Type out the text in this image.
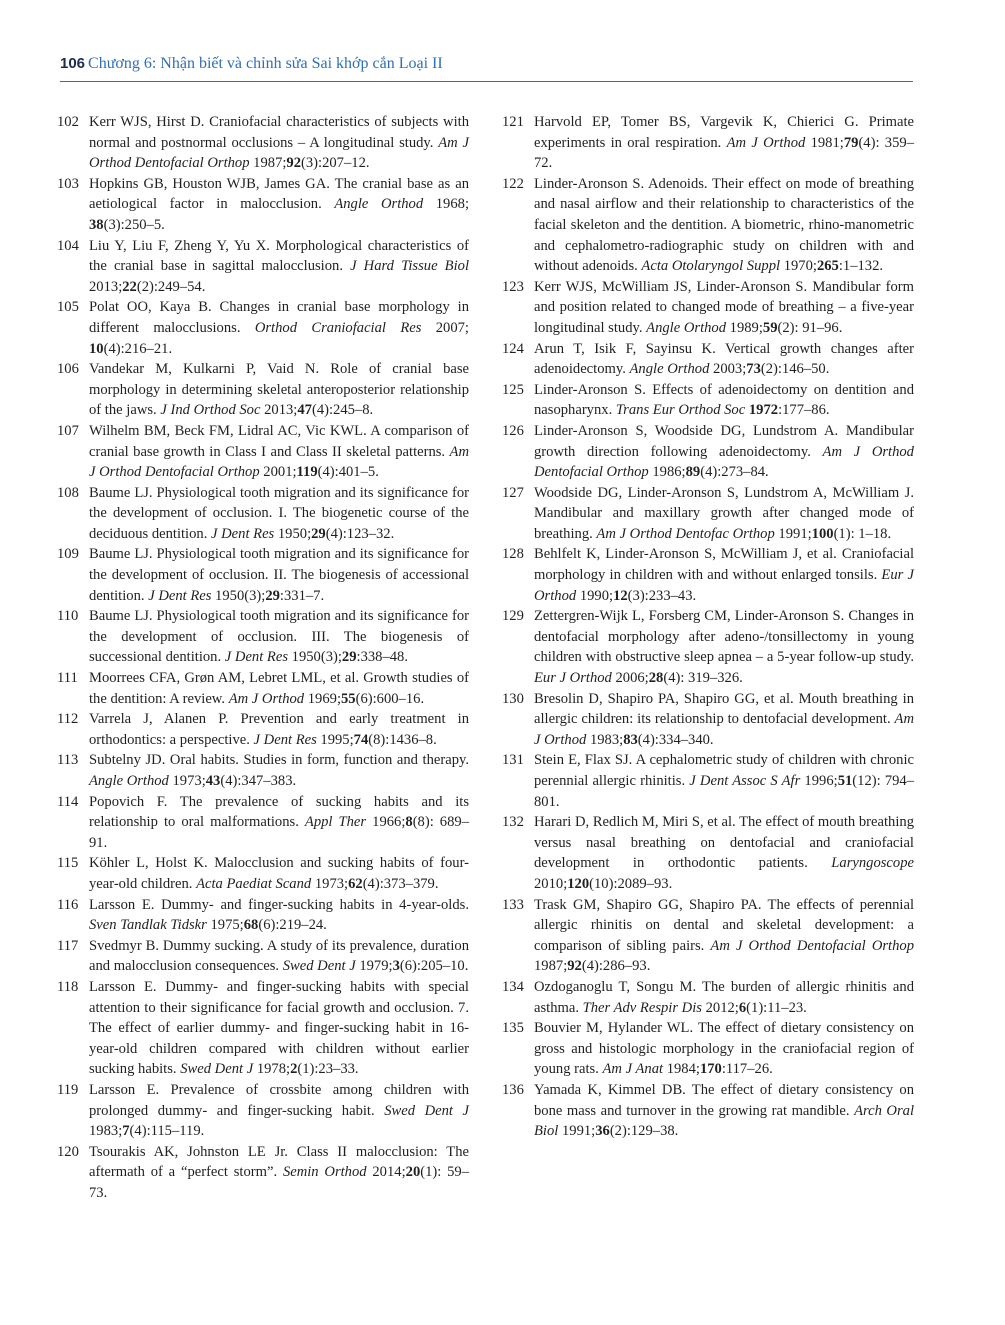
106 Chương 6: Nhận biết và chỉnh sửa Sai khớp cắn Loại II

102 Kerr WJS, Hirst D. Craniofacial characteristics of subjects with normal and postnormal occlusions – A longitudinal study. Am J Orthod Dentofacial Orthop 1987;92(3):207–12.

103 Hopkins GB, Houston WJB, James GA. The cranial base as an aetiological factor in malocclusion. Angle Orthod 1968; 38(3):250–5.

104 Liu Y, Liu F, Zheng Y, Yu X. Morphological characteristics of the cranial base in sagittal malocclusion. J Hard Tissue Biol 2013;22(2):249–54.

105 Polat OO, Kaya B. Changes in cranial base morphology in different malocclusions. Orthod Craniofacial Res 2007; 10(4):216–21.

106 Vandekar M, Kulkarni P, Vaid N. Role of cranial base morphology in determining skeletal anteroposterior relationship of the jaws. J Ind Orthod Soc 2013;47(4):245–8.

107 Wilhelm BM, Beck FM, Lidral AC, Vic KWL. A comparison of cranial base growth in Class I and Class II skeletal patterns. Am J Orthod Dentofacial Orthop 2001;119(4):401–5.

108 Baume LJ. Physiological tooth migration and its significance for the development of occlusion. I. The biogenetic course of the deciduous dentition. J Dent Res 1950;29(4):123–32.

109 Baume LJ. Physiological tooth migration and its significance for the development of occlusion. II. The biogenesis of accessional dentition. J Dent Res 1950(3);29:331–7.

110 Baume LJ. Physiological tooth migration and its significance for the development of occlusion. III. The biogenesis of successional dentition. J Dent Res 1950(3);29:338–48.

111 Moorrees CFA, Grøn AM, Lebret LML, et al. Growth studies of the dentition: A review. Am J Orthod 1969;55(6):600–16.

112 Varrela J, Alanen P. Prevention and early treatment in orthodontics: a perspective. J Dent Res 1995;74(8):1436–8.

113 Subtelny JD. Oral habits. Studies in form, function and therapy. Angle Orthod 1973;43(4):347–383.

114 Popovich F. The prevalence of sucking habits and its relationship to oral malformations. Appl Ther 1966;8(8): 689–91.

115 Köhler L, Holst K. Malocclusion and sucking habits of four-year-old children. Acta Paediat Scand 1973;62(4):373–379.

116 Larsson E. Dummy- and finger-sucking habits in 4-year-olds. Sven Tandlak Tidskr 1975;68(6):219–24.

117 Svedmyr B. Dummy sucking. A study of its prevalence, duration and malocclusion consequences. Swed Dent J 1979;3(6):205–10.

118 Larsson E. Dummy- and finger-sucking habits with special attention to their significance for facial growth and occlusion. 7. The effect of earlier dummy- and finger-sucking habit in 16-year-old children compared with children without earlier sucking habits. Swed Dent J 1978;2(1):23–33.

119 Larsson E. Prevalence of crossbite among children with prolonged dummy- and finger-sucking habit. Swed Dent J 1983;7(4):115–119.

120 Tsourakis AK, Johnston LE Jr. Class II malocclusion: The aftermath of a “perfect storm”. Semin Orthod 2014;20(1): 59–73.

121 Harvold EP, Tomer BS, Vargevik K, Chierici G. Primate experiments in oral respiration. Am J Orthod 1981;79(4): 359–72.

122 Linder-Aronson S. Adenoids. Their effect on mode of breathing and nasal airflow and their relationship to characteristics of the facial skeleton and the dentition. A biometric, rhino-manometric and cephalometro-radiographic study on children with and without adenoids. Acta Otolaryngol Suppl 1970;265:1–132.

123 Kerr WJS, McWilliam JS, Linder-Aronson S. Mandibular form and position related to changed mode of breathing – a five-year longitudinal study. Angle Orthod 1989;59(2): 91–96.

124 Arun T, Isik F, Sayinsu K. Vertical growth changes after adenoidectomy. Angle Orthod 2003;73(2):146–50.

125 Linder-Aronson S. Effects of adenoidectomy on dentition and nasopharynx. Trans Eur Orthod Soc 1972:177–86.

126 Linder-Aronson S, Woodside DG, Lundstrom A. Mandibular growth direction following adenoidectomy. Am J Orthod Dentofacial Orthop 1986;89(4):273–84.

127 Woodside DG, Linder-Aronson S, Lundstrom A, McWilliam J. Mandibular and maxillary growth after changed mode of breathing. Am J Orthod Dentofac Orthop 1991;100(1): 1–18.

128 Behlfelt K, Linder-Aronson S, McWilliam J, et al. Craniofacial morphology in children with and without enlarged tonsils. Eur J Orthod 1990;12(3):233–43.

129 Zettergren-Wijk L, Forsberg CM, Linder-Aronson S. Changes in dentofacial morphology after adeno-/tonsillectomy in young children with obstructive sleep apnea – a 5-year follow-up study. Eur J Orthod 2006;28(4): 319–326.

130 Bresolin D, Shapiro PA, Shapiro GG, et al. Mouth breathing in allergic children: its relationship to dentofacial development. Am J Orthod 1983;83(4):334–340.

131 Stein E, Flax SJ. A cephalometric study of children with chronic perennial allergic rhinitis. J Dent Assoc S Afr 1996;51(12): 794–801.

132 Harari D, Redlich M, Miri S, et al. The effect of mouth breathing versus nasal breathing on dentofacial and craniofacial development in orthodontic patients. Laryngoscope 2010;120(10):2089–93.

133 Trask GM, Shapiro GG, Shapiro PA. The effects of perennial allergic rhinitis on dental and skeletal development: a comparison of sibling pairs. Am J Orthod Dentofacial Orthop 1987;92(4):286–93.

134 Ozdoganoglu T, Songu M. The burden of allergic rhinitis and asthma. Ther Adv Respir Dis 2012;6(1):11–23.

135 Bouvier M, Hylander WL. The effect of dietary consistency on gross and histologic morphology in the craniofacial region of young rats. Am J Anat 1984;170:117–26.

136 Yamada K, Kimmel DB. The effect of dietary consistency on bone mass and turnover in the growing rat mandible. Arch Oral Biol 1991;36(2):129–38.
